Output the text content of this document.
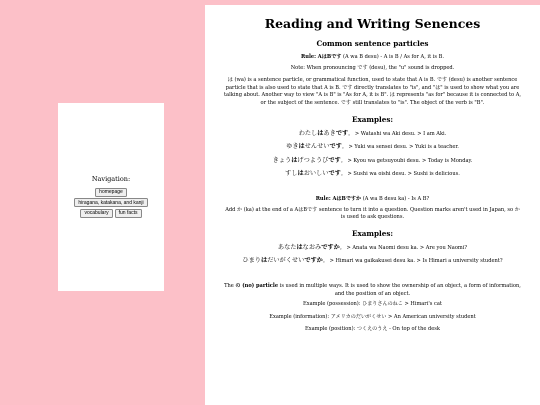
Navigation:
homepage
hiragana, katakana, and kanji
vocabulary	fun facts
Reading and Writing Senences
Common sentence particles

Rule: AはBです (A wa B desu) - A is B / As for A, it is B.

Note: When pronouncing です (desu), the "u" sound is dropped.

は (wa) is a sentence particle, or grammatical function, used to state that A is B. です (desu) is another sentence particle that is also used to state that A is B. です directly translates to "is", and "は" is used to show what you are talking about. Another way to view "A is B" is "As for A, it is B". は represents "as for" because it is connected to A, or the subject of the sentence. です still translates to "is". The object of the verb is "B".

Examples:

わたしはあきです。 > Watashi wa Aki desu. > I am Aki.

ゆきはせんせいです。 > Yuki wa sensei desu. > Yuki is a teacher.

きょうはげつようびです。 > Kyou wa getsuyoubi desu. > Today is Monday.

すしはおいしいです。 > Sushi wa oishi desu. > Sushi is delicious.

Rule: AはBですか (A wa B desu ka) - Is A B?

Add か (ka) at the end of a AはBです sentence to turn it into a question. Question marks aren't used in Japan, so か is used to ask questions.

Examples:

あなたはなおみですか。 > Anata wa Naomi desu ka. > Are you Naomi?

ひまりはだいがくせいですか。 > Himari wa gaikakusei desu ka. > Is Himari a university student?

The の (no) particle is used in multiple ways. It is used to show the ownership of an object, a form of information, and the position of an object.

Example (possession): ひまりさんのねこ > Himari's cat

Example (information): アメリカのだいがくせい > An American university student

Example (position): つくえのうえ - On top of the desk
